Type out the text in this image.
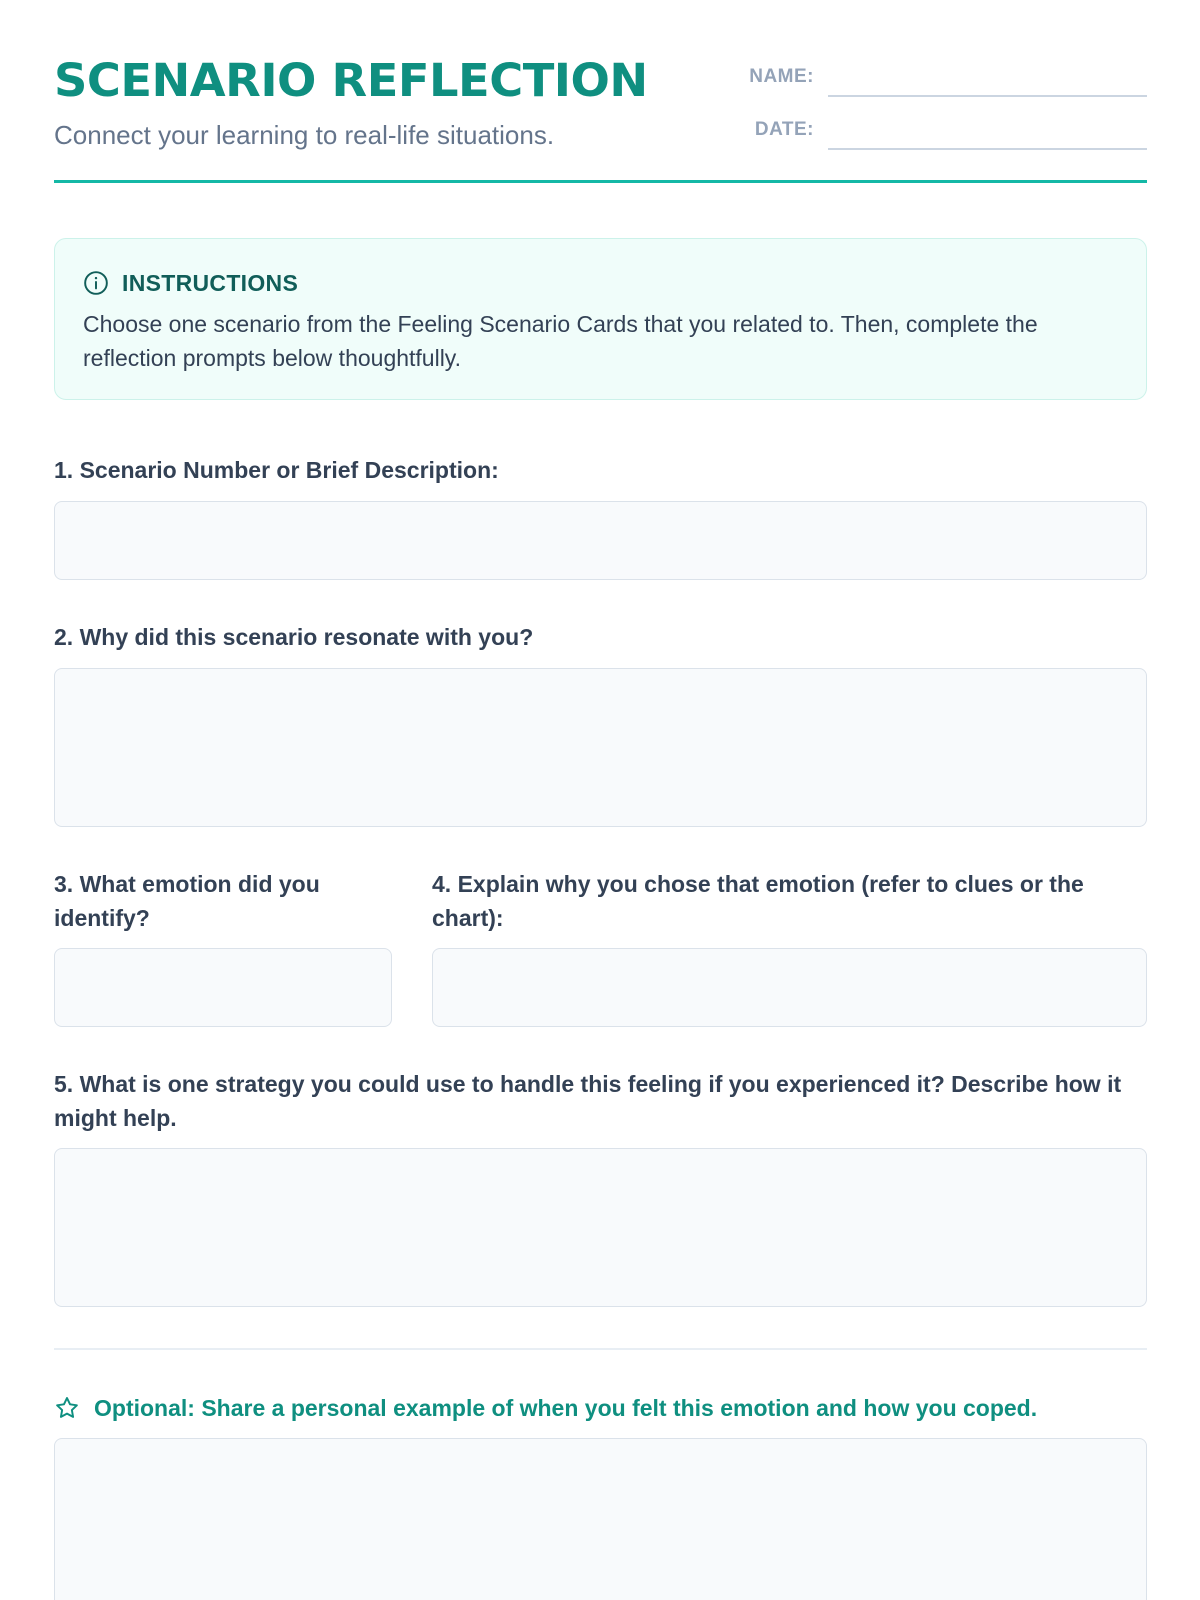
SCENARIO REFLECTION
Connect your learning to real-life situations.
NAME:
DATE:
INSTRUCTIONS
Choose one scenario from the Feeling Scenario Cards that you related to. Then, complete the reflection prompts below thoughtfully.
1. Scenario Number or Brief Description:
2. Why did this scenario resonate with you?
3. What emotion did you identify?
4. Explain why you chose that emotion (refer to clues or the chart):
5. What is one strategy you could use to handle this feeling if you experienced it? Describe how it might help.
Optional: Share a personal example of when you felt this emotion and how you coped.
